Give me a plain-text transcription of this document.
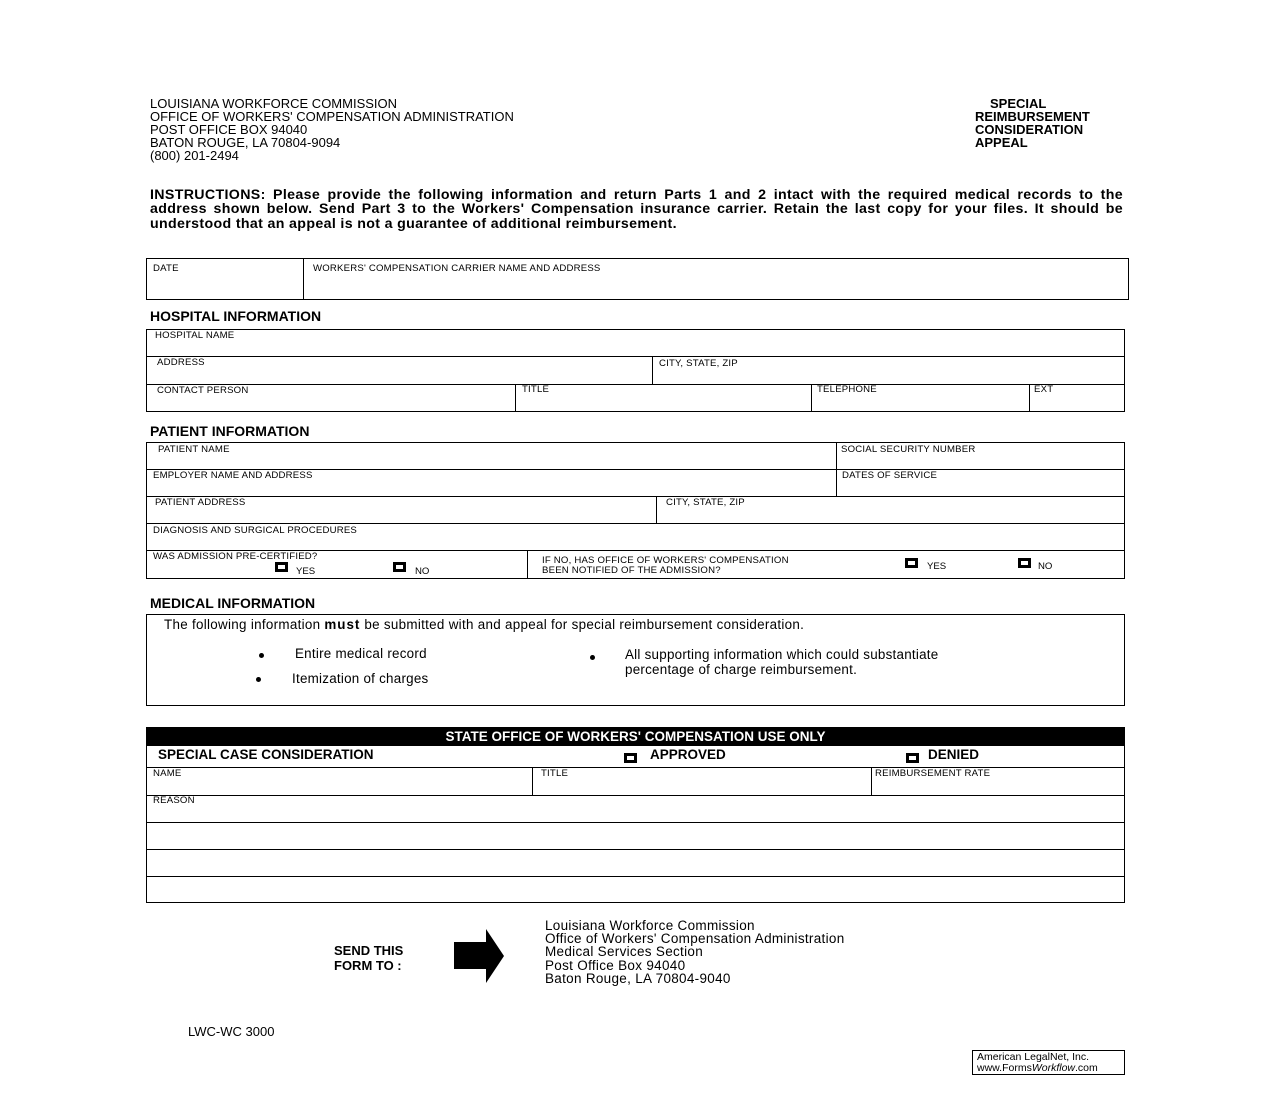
LOUISIANA WORKFORCE COMMISSION
OFFICE OF WORKERS' COMPENSATION ADMINISTRATION
POST OFFICE BOX 94040
BATON ROUGE, LA 70804-9094
(800) 201-2494
SPECIAL
REIMBURSEMENT
CONSIDERATION
APPEAL
INSTRUCTIONS: Please provide the following information and return Parts 1 and 2 intact with the required medical records to the address shown below. Send Part 3 to the Workers' Compensation insurance carrier. Retain the last copy for your files. It should be understood that an appeal is not a guarantee of additional reimbursement.
DATE	WORKERS' COMPENSATION CARRIER NAME AND ADDRESS
HOSPITAL INFORMATION
HOSPITAL NAME
ADDRESS	CITY, STATE, ZIP
CONTACT PERSON	TITLE	TELEPHONE	EXT
PATIENT INFORMATION
PATIENT NAME	SOCIAL SECURITY NUMBER
EMPLOYER NAME AND ADDRESS	DATES OF SERVICE
PATIENT ADDRESS	CITY, STATE, ZIP
DIAGNOSIS AND SURGICAL PROCEDURES
WAS ADMISSION PRE-CERTIFIED?
YES	NO
IF NO, HAS OFFICE OF WORKERS' COMPENSATION
BEEN NOTIFIED OF THE ADMISSION?	YES	NO
MEDICAL INFORMATION
The following information must be submitted with and appeal for special reimbursement consideration.
Entire medical record
Itemization of charges
All supporting information which could substantiate
percentage of charge reimbursement.
STATE OFFICE OF WORKERS' COMPENSATION USE ONLY
SPECIAL CASE CONSIDERATION	APPROVED	DENIED
NAME	TITLE	REIMBURSEMENT RATE
REASON
SEND THIS
FORM TO :
Louisiana Workforce Commission
Office of Workers' Compensation Administration
Medical Services Section
Post Office Box 94040
Baton Rouge, LA 70804-9040
LWC-WC 3000
American LegalNet, Inc.
www.FormsWorkflow.com
